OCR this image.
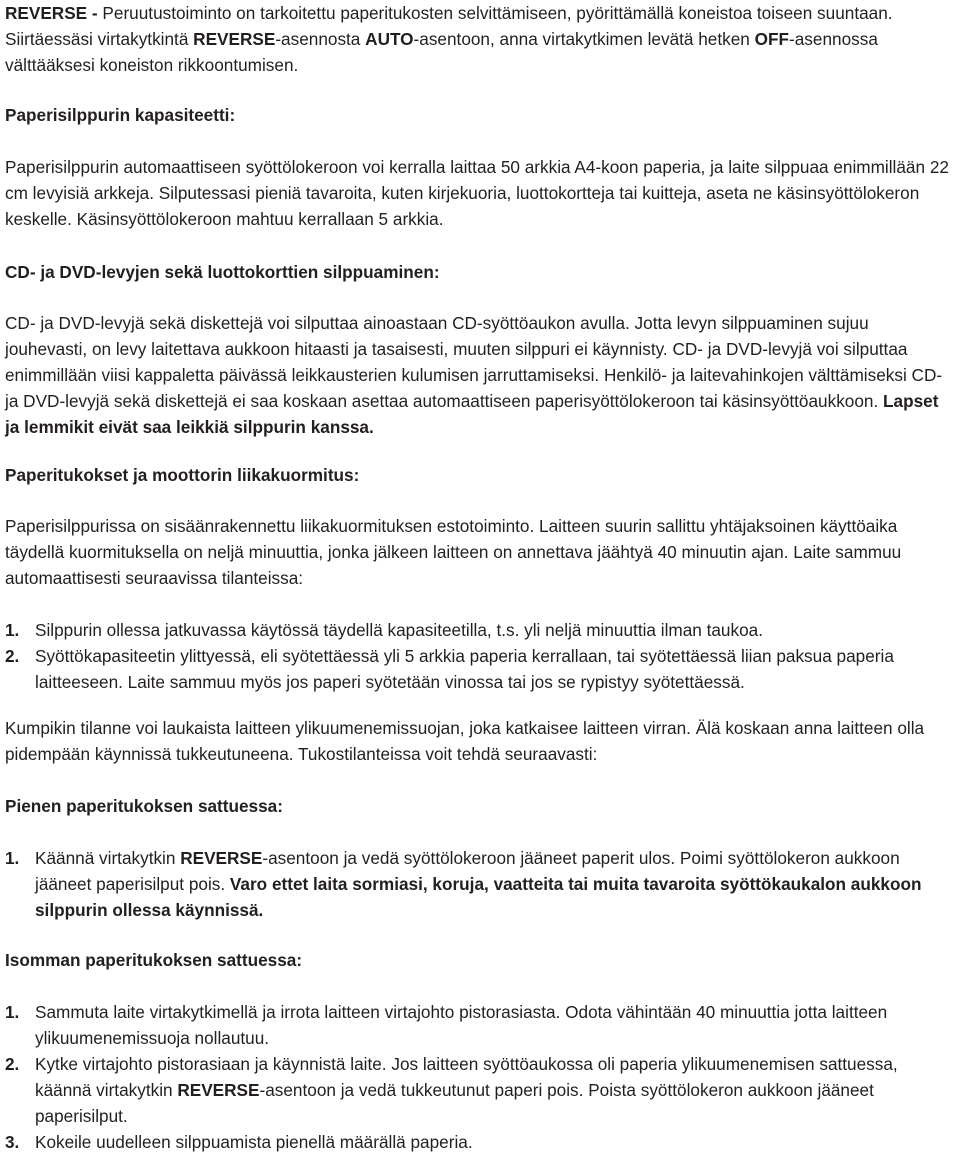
REVERSE - Peruutustoiminto on tarkoitettu paperitukosten selvittämiseen, pyörittämällä koneistoa toiseen suuntaan. Siirtäessäsi virtakytkintä REVERSE-asennosta AUTO-asentoon, anna virtakytkimen levätä hetken OFF-asennossa välttääksesi koneiston rikkoontumisen.
Paperisilppurin kapasiteetti:
Paperisilppurin automaattiseen syöttölokeroon voi kerralla laittaa 50 arkkia A4-koon paperia, ja laite silppuaa enimmillään 22 cm levyisiä arkkeja. Silputessasi pieniä tavaroita, kuten kirjekuoria, luottokortteja tai kuitteja, aseta ne käsinsyöttölokeron keskelle. Käsinsyöttölokeroon mahtuu kerrallaan 5 arkkia.
CD- ja DVD-levyjen sekä luottokorttien silppuaminen:
CD- ja DVD-levyjä sekä diskettejä voi silputtaa ainoastaan CD-syöttöaukon avulla. Jotta levyn silppuaminen sujuu jouhevasti, on levy laitettava aukkoon hitaasti ja tasaisesti, muuten silppuri ei käynnisty. CD- ja DVD-levyjä voi silputtaa enimmillään viisi kappaletta päivässä leikkausterien kulumisen jarruttamiseksi. Henkilö- ja laitevahinkojen välttämiseksi CD- ja DVD-levyjä sekä diskettejä ei saa koskaan asettaa automaattiseen paperisyöttölokeroon tai käsinsyöttöaukkoon. Lapset ja lemmikit eivät saa leikkiä silppurin kanssa.
Paperitukokset ja moottorin liikakuormitus:
Paperisilppurissa on sisäänrakennettu liikakuormituksen estotoiminto. Laitteen suurin sallittu yhtäjaksoinen käyttöaika täydellä kuormituksella on neljä minuuttia, jonka jälkeen laitteen on annettava jäähtyä 40 minuutin ajan. Laite sammuu automaattisesti seuraavissa tilanteissa:
1. Silppurin ollessa jatkuvassa käytössä täydellä kapasiteetilla, t.s. yli neljä minuuttia ilman taukoa.
2. Syöttökapasiteetin ylittyessä, eli syötettäessä yli 5 arkkia paperia kerrallaan, tai syötettäessä liian paksua paperia laitteeseen. Laite sammuu myös jos paperi syötetään vinossa tai jos se rypistyy syötettäessä.
Kumpikin tilanne voi laukaista laitteen ylikuumenemissuojan, joka katkaisee laitteen virran. Älä koskaan anna laitteen olla pidempään käynnissä tukkeutuneena. Tukostilanteissa voit tehdä seuraavasti:
Pienen paperitukoksen sattuessa:
1. Käännä virtakytkin REVERSE-asentoon ja vedä syöttölokeroon jääneet paperit ulos. Poimi syöttölokeron aukkoon jääneet paperisilput pois. Varo ettet laita sormiasi, koruja, vaatteita tai muita tavaroita syöttökaukalon aukkoon silppurin ollessa käynnissä.
Isomman paperitukoksen sattuessa:
1. Sammuta laite virtakytkimellä ja irrota laitteen virtajohto pistorasiasta. Odota vähintään 40 minuuttia jotta laitteen ylikuumenemissuoja nollautuu.
2. Kytke virtajohto pistorasiaan ja käynnistä laite. Jos laitteen syöttöaukossa oli paperia ylikuumenemisen sattuessa, käännä virtakytkin REVERSE-asentoon ja vedä tukkeutunut paperi pois. Poista syöttölokeron aukkoon jääneet paperisilput.
3. Kokeile uudelleen silppuamista pienellä määrällä paperia.
